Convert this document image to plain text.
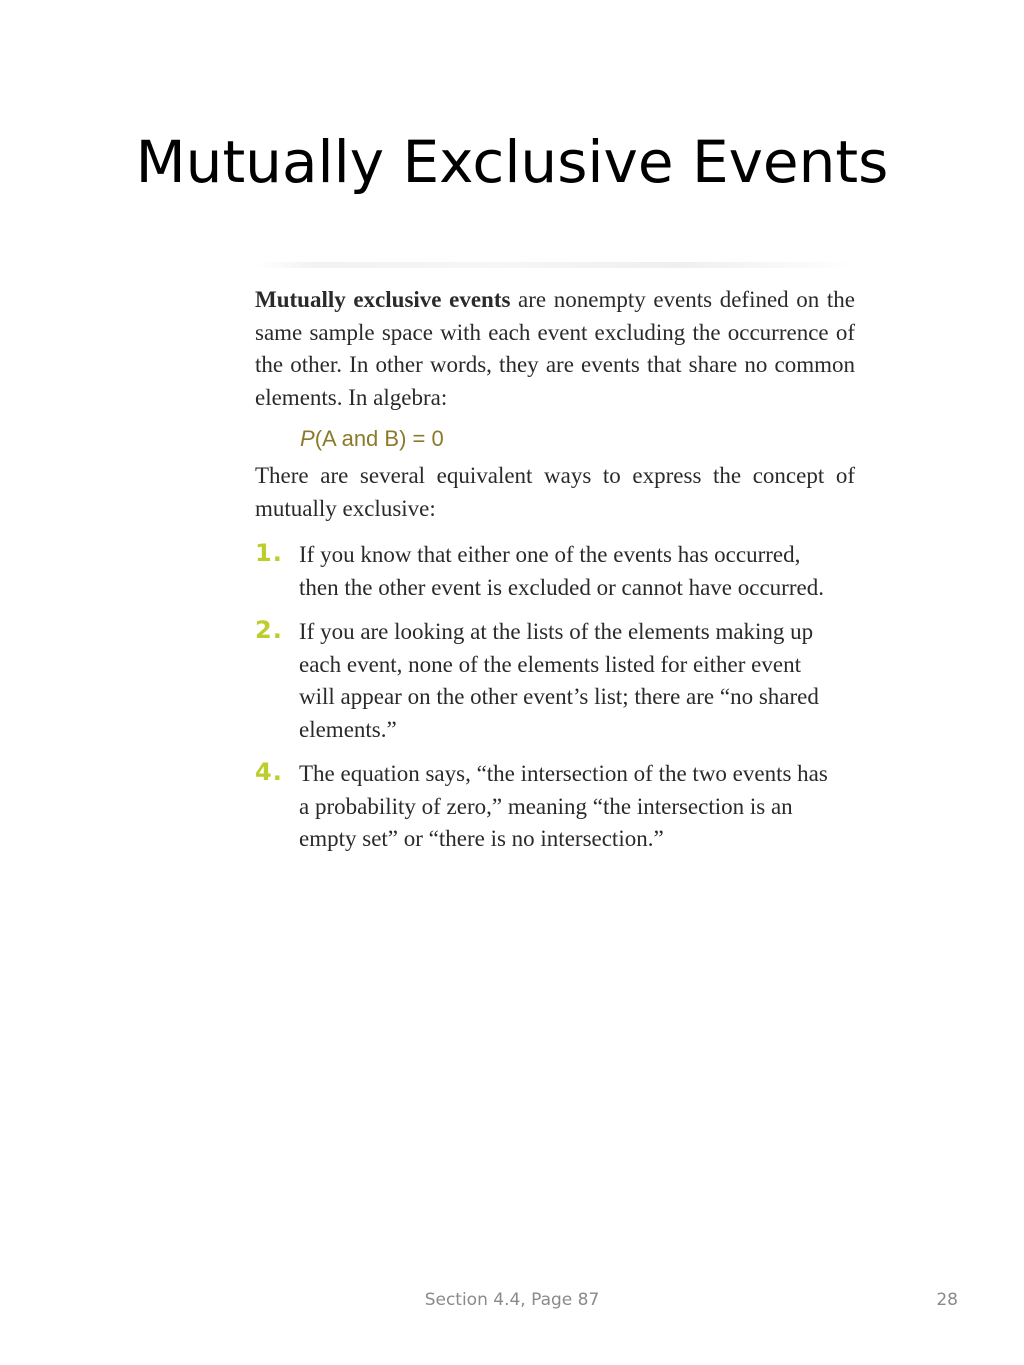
Mutually Exclusive Events

Mutually exclusive events are nonempty events defined on the same sample space with each event excluding the occurrence of the other. In other words, they are events that share no common elements. In algebra:

P(A and B) = 0

There are several equivalent ways to express the concept of mutually exclusive:

1. If you know that either one of the events has occurred, then the other event is excluded or cannot have occurred.
2. If you are looking at the lists of the elements making up each event, none of the elements listed for either event will appear on the other event’s list; there are “no shared elements.”
4. The equation says, “the intersection of the two events has a probability of zero,” meaning “the intersection is an empty set” or “there is no intersection.”
Section 4.4, Page 87	28
